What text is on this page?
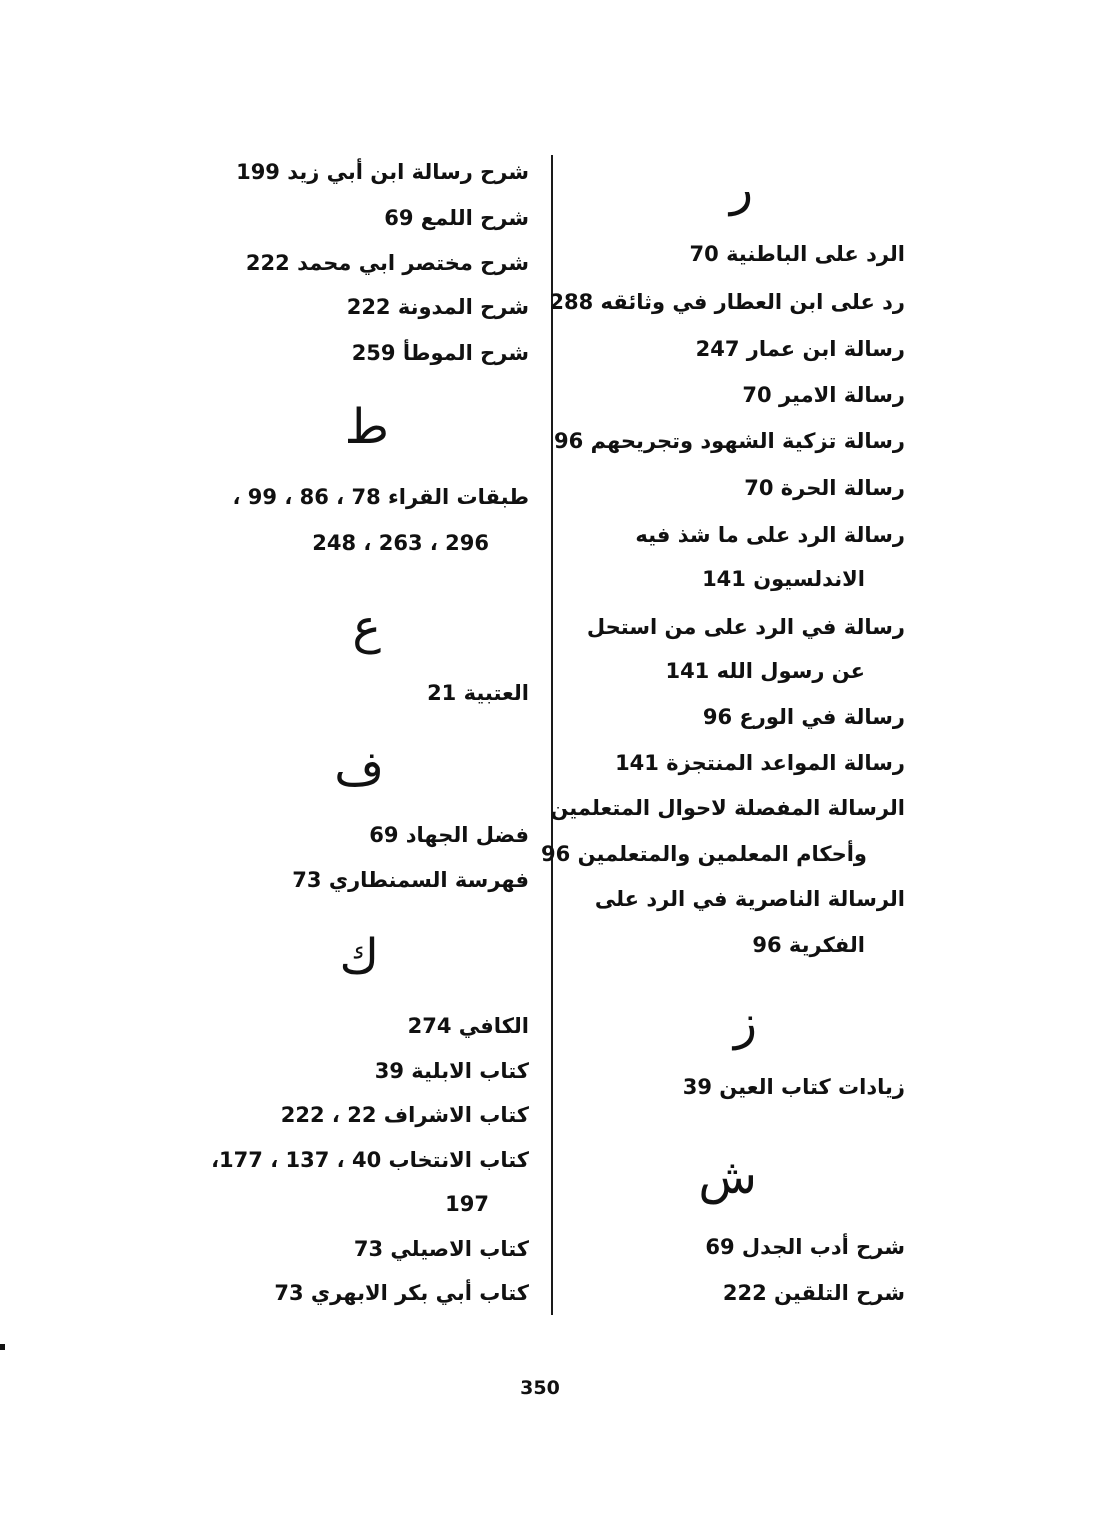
ر
الرد على الباطنية 70
رد على ابن العطار في وثائقه 288
رسالة ابن عمار 247
رسالة الامير 70
رسالة تزكية الشهود وتجريحهم 96
رسالة الحرة 70
رسالة الرد على ما شذ فيه
الاندلسيون 141
رسالة في الرد على من استحل
عن رسول الله 141
رسالة في الورع 96
رسالة المواعد المنتجزة 141
الرسالة المفصلة لاحوال المتعلمين
وأحكام المعلمين والمتعلمين 96
الرسالة الناصرية في الرد على
الفكرية 96
ز
زيادات كتاب العين 39
ش
شرح أدب الجدل 69
شرح التلقين 222
شرح رسالة ابن أبي زيد 199
شرح اللمع 69
شرح مختصر ابي محمد 222
شرح المدونة 222
شرح الموطأ 259
ط
طبقات القراء 78 ، 86 ، 99 ،
248 ، 263 ، 296
ع
العتبية 21
ف
فضل الجهاد 69
فهرسة السمنطاري 73
ك
الكافي 274
كتاب الابلية 39
كتاب الاشراف 22 ، 222
كتاب الانتخاب 40 ، 137 ، 177،
197
كتاب الاصيلي 73
كتاب أبي بكر الابهري 73
350
